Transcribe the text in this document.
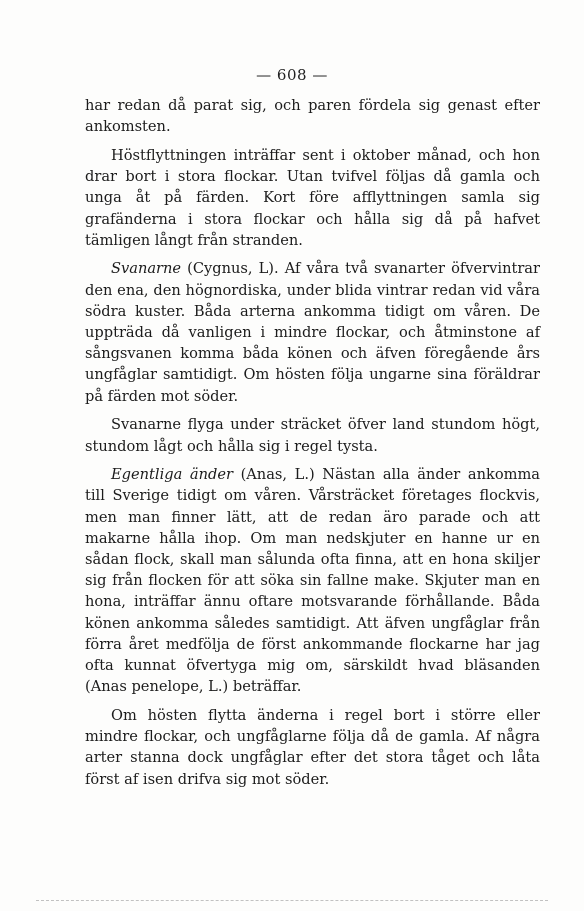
— 608 —

har redan då parat sig, och paren fördela sig genast efter ankomsten.

Höstflyttningen inträffar sent i oktober månad, och hon drar bort i stora flockar. Utan tvifvel följas då gamla och unga åt på färden. Kort före afflyttningen samla sig grafänderna i stora flockar och hålla sig då på hafvet tämligen långt från stranden.

Svanarne (Cygnus, L). Af våra två svanarter öfvervintrar den ena, den högnordiska, under blida vintrar redan vid våra södra kuster. Båda arterna ankomma tidigt om våren. De uppträda då vanligen i mindre flockar, och åtminstone af sångsvanen komma båda könen och äfven föregående års ungfåglar samtidigt. Om hösten följa ungarne sina föräldrar på färden mot söder.

Svanarne flyga under sträcket öfver land stundom högt, stundom lågt och hålla sig i regel tysta.

Egentliga änder (Anas, L.) Nästan alla änder ankomma till Sverige tidigt om våren. Vårsträcket företages flockvis, men man finner lätt, att de redan äro parade och att makarne hålla ihop. Om man nedskjuter en hanne ur en sådan flock, skall man sålunda ofta finna, att en hona skiljer sig från flocken för att söka sin fallne make. Skjuter man en hona, inträffar ännu oftare motsvarande förhållande. Båda könen ankomma således samtidigt. Att äfven ungfåglar från förra året medfölja de först ankommande flockarne har jag ofta kunnat öfvertyga mig om, särskildt hvad bläsanden (Anas penelope, L.) beträffar.

Om hösten flytta änderna i regel bort i större eller mindre flockar, och ungfåglarne följa då de gamla. Af några arter stanna dock ungfåglar efter det stora tåget och låta först af isen drifva sig mot söder.
